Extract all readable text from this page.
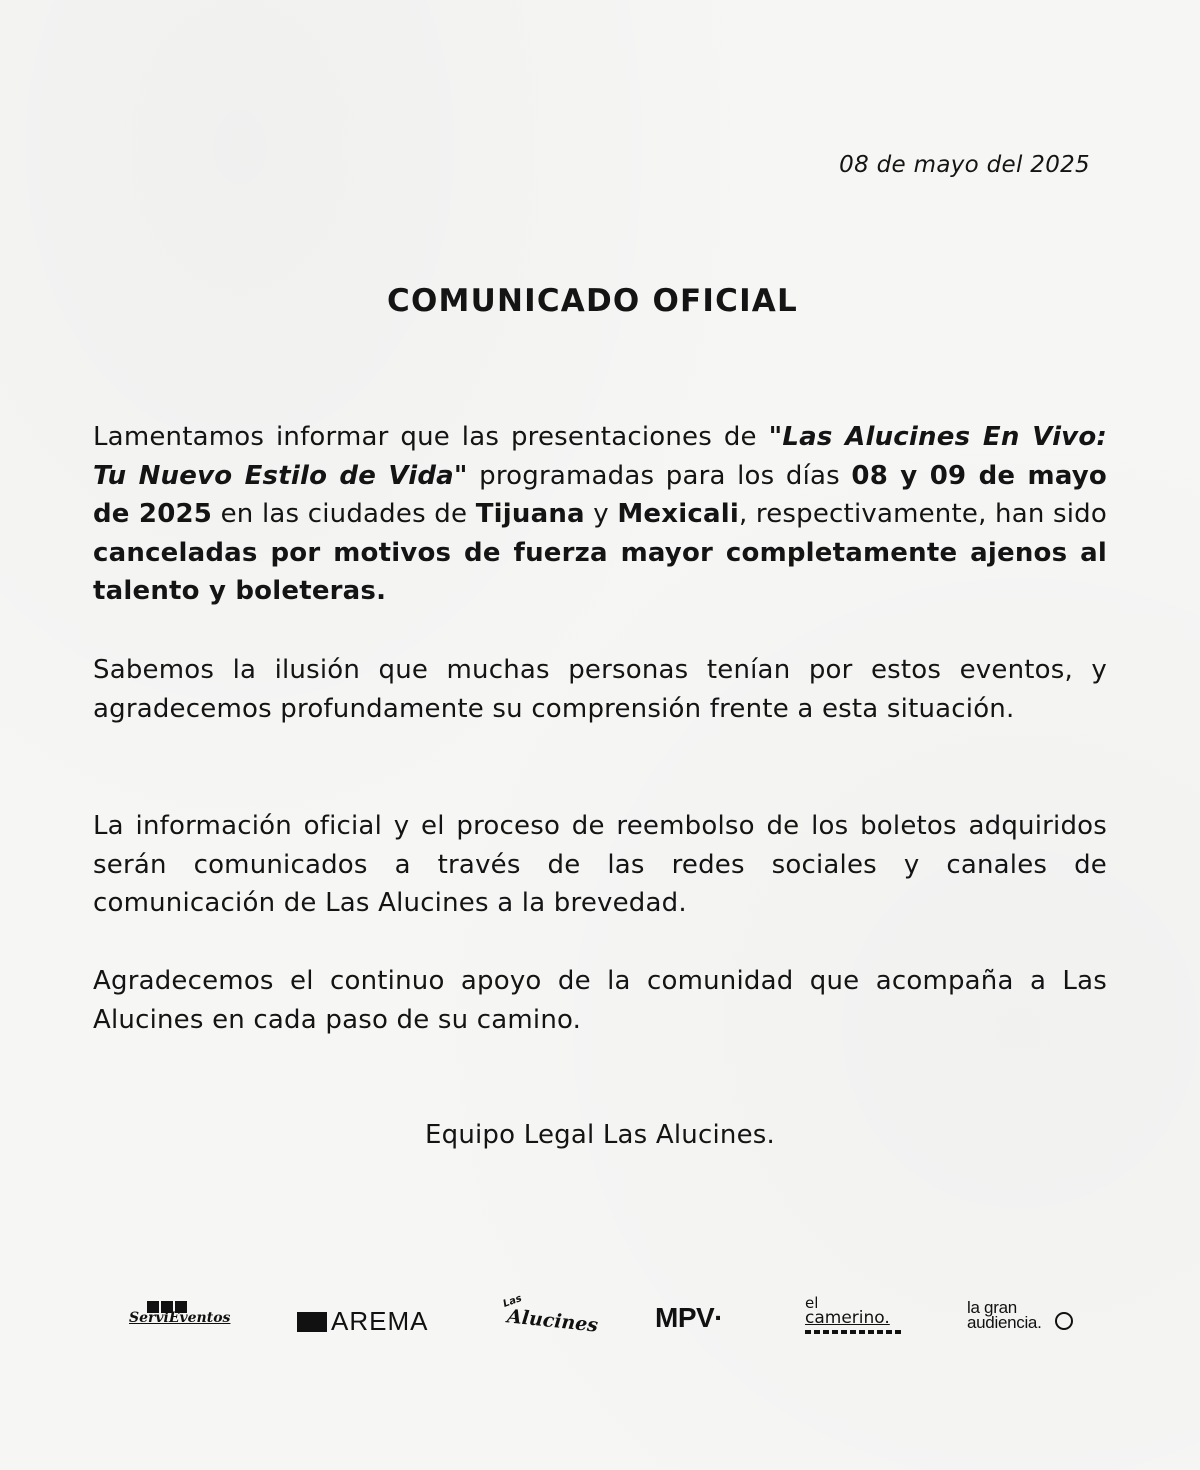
08 de mayo del 2025
COMUNICADO OFICIAL
Lamentamos informar que las presentaciones de "Las Alucines En Vivo: Tu Nuevo Estilo de Vida" programadas para los días 08 y 09 de mayo de 2025 en las ciudades de Tijuana y Mexicali, respectivamente, han sido canceladas por motivos de fuerza mayor completamente ajenos al talento y boleteras.
Sabemos la ilusión que muchas personas tenían por estos eventos, y agradecemos profundamente su comprensión frente a esta situación.
La información oficial y el proceso de reembolso de los boletos adquiridos serán comunicados a través de las redes sociales y canales de comunicación de Las Alucines a la brevedad.
Agradecemos el continuo apoyo de la comunidad que acompaña a Las Alucines en cada paso de su camino.
Equipo Legal Las Alucines.
ServiEventos	AREMA
Las
Alucines MPV·	el
camerino.
la gran
audiencia.
